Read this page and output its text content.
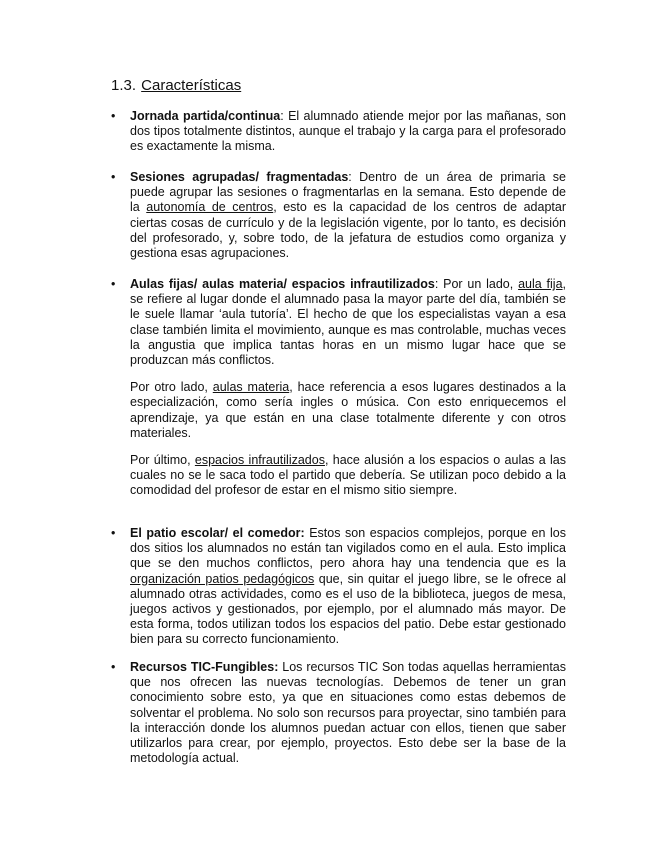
1.3. Características
•	Jornada partida/continua: El alumnado atiende mejor por las mañanas, son dos tipos totalmente distintos, aunque el trabajo y la carga para el profesorado es exactamente la misma.

•	Sesiones agrupadas/ fragmentadas: Dentro de un área de primaria se puede agrupar las sesiones o fragmentarlas en la semana. Esto depende de la autonomía de centros, esto es la capacidad de los centros de adaptar ciertas cosas de currículo y de la legislación vigente, por lo tanto, es decisión del profesorado, y, sobre todo, de la jefatura de estudios como organiza y gestiona esas agrupaciones.

•	Aulas fijas/ aulas materia/ espacios infrautilizados: Por un lado, aula fija, se refiere al lugar donde el alumnado pasa la mayor parte del día, también se le suele llamar ‘aula tutoría’. El hecho de que los especialistas vayan a esa clase también limita el movimiento, aunque es mas controlable, muchas veces la angustia que implica tantas horas en un mismo lugar hace que se produzcan más conflictos.

Por otro lado, aulas materia, hace referencia a esos lugares destinados a la especialización, como sería ingles o música. Con esto enriquecemos el aprendizaje, ya que están en una clase totalmente diferente y con otros materiales.

Por último, espacios infrautilizados, hace alusión a los espacios o aulas a las cuales no se le saca todo el partido que debería. Se utilizan poco debido a la comodidad del profesor de estar en el mismo sitio siempre.

•	El patio escolar/ el comedor: Estos son espacios complejos, porque en los dos sitios los alumnados no están tan vigilados como en el aula. Esto implica que se den muchos conflictos, pero ahora hay una tendencia que es la organización patios pedagógicos que, sin quitar el juego libre, se le ofrece al alumnado otras actividades, como es el uso de la biblioteca, juegos de mesa, juegos activos y gestionados, por ejemplo, por el alumnado más mayor. De esta forma, todos utilizan todos los espacios del patio. Debe estar gestionado bien para su correcto funcionamiento.

•	Recursos TIC-Fungibles: Los recursos TIC Son todas aquellas herramientas que nos ofrecen las nuevas tecnologías. Debemos de tener un gran conocimiento sobre esto, ya que en situaciones como estas debemos de solventar el problema. No solo son recursos para proyectar, sino también para la interacción donde los alumnos puedan actuar con ellos, tienen que saber utilizarlos para crear, por ejemplo, proyectos. Esto debe ser la base de la metodología actual.
